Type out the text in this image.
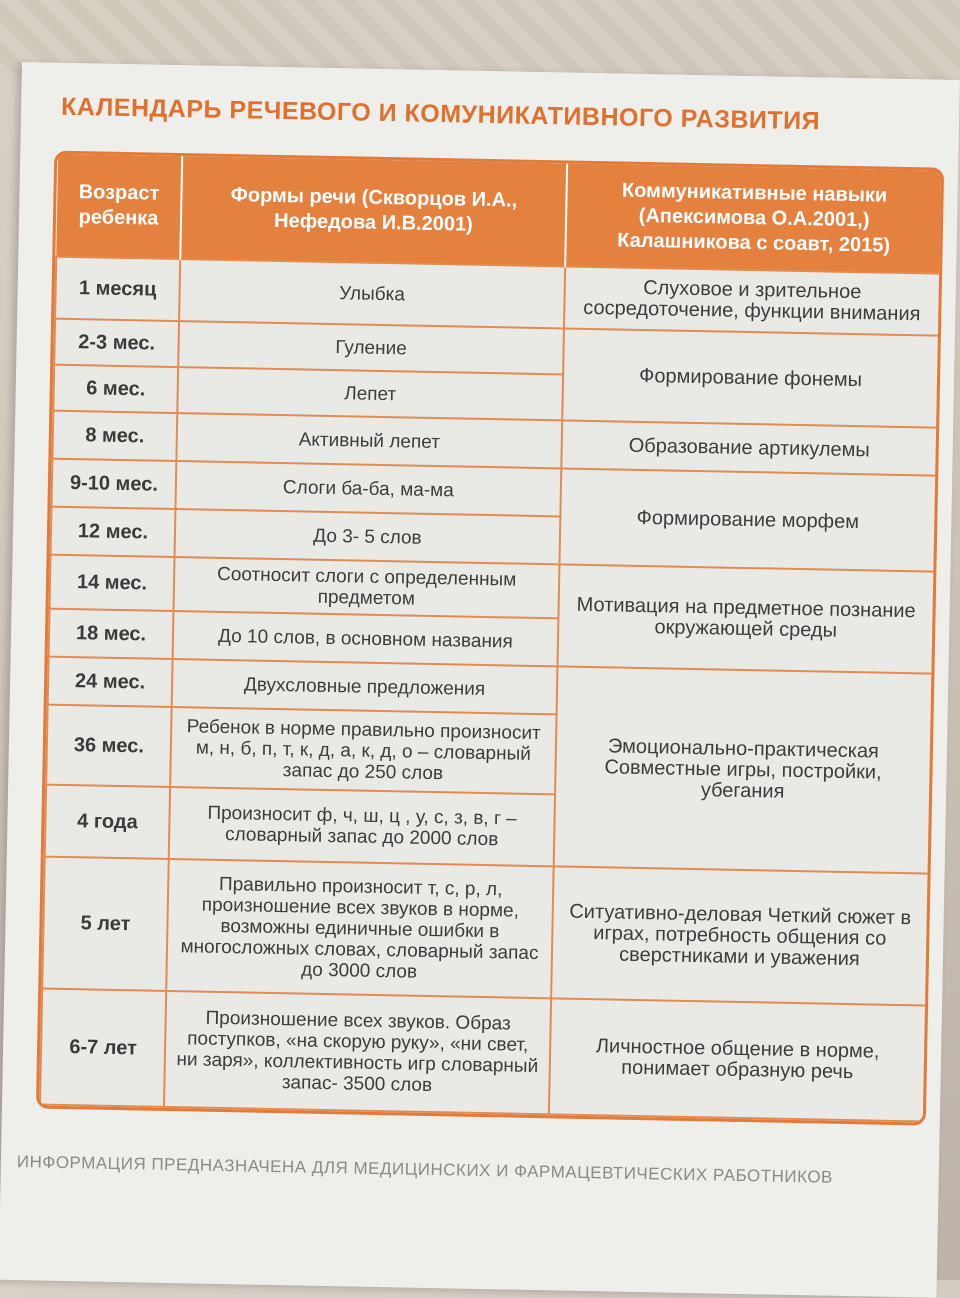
КАЛЕНДАРЬ РЕЧЕВОГО И КОМУНИКАТИВНОГО РАЗВИТИЯ
Возраст ребенка	Формы речи (Скворцов И.А., Нефедова И.В.2001)	Коммуникативные навыки (Апексимова О.А.2001,) Калашникова с соавт, 2015)
1 месяц	Улыбка	Слуховое и зрительное сосредоточение, функции внимания
2-3 мес.	Гуление	Формирование фонемы
6 мес.	Лепет	
8 мес.	Активный лепет	Образование артикулемы
9-10 мес.	Слоги ба-ба, ма-ма	Формирование морфем
12 мес.	До 3- 5 слов	
14 мес.	Соотносит слоги с определенным предметом	Мотивация на предметное познание окружающей среды
18 мес.	До 10 слов, в основном названия	
24 мес.	Двухсловные предложения	Эмоционально-практическая Совместные игры, постройки, убегания
36 мес.	Ребенок в норме правильно произносит м, н, б, п, т, к, д, а, к, д, о – словарный запас до 250 слов	
4 года	Произносит ф, ч, ш, ц , у, с, з, в, г – словарный запас до 2000 слов	
5 лет	Правильно произносит т, с, р, л, произношение всех звуков в норме, возможны единичные ошибки в многосложных словах, словарный запас до 3000 слов	Ситуативно-деловая Четкий сюжет в играх, потребность общения со сверстниками и уважения
6-7 лет	Произношение всех звуков. Образ поступков, «на скорую руку», «ни свет, ни заря», коллективность игр словарный запас- 3500 слов	Личностное общение в норме, понимает образную речь
ИНФОРМАЦИЯ ПРЕДНАЗНАЧЕНА ДЛЯ МЕДИЦИНСКИХ И ФАРМАЦЕВТИЧЕСКИХ РАБОТНИКОВ
